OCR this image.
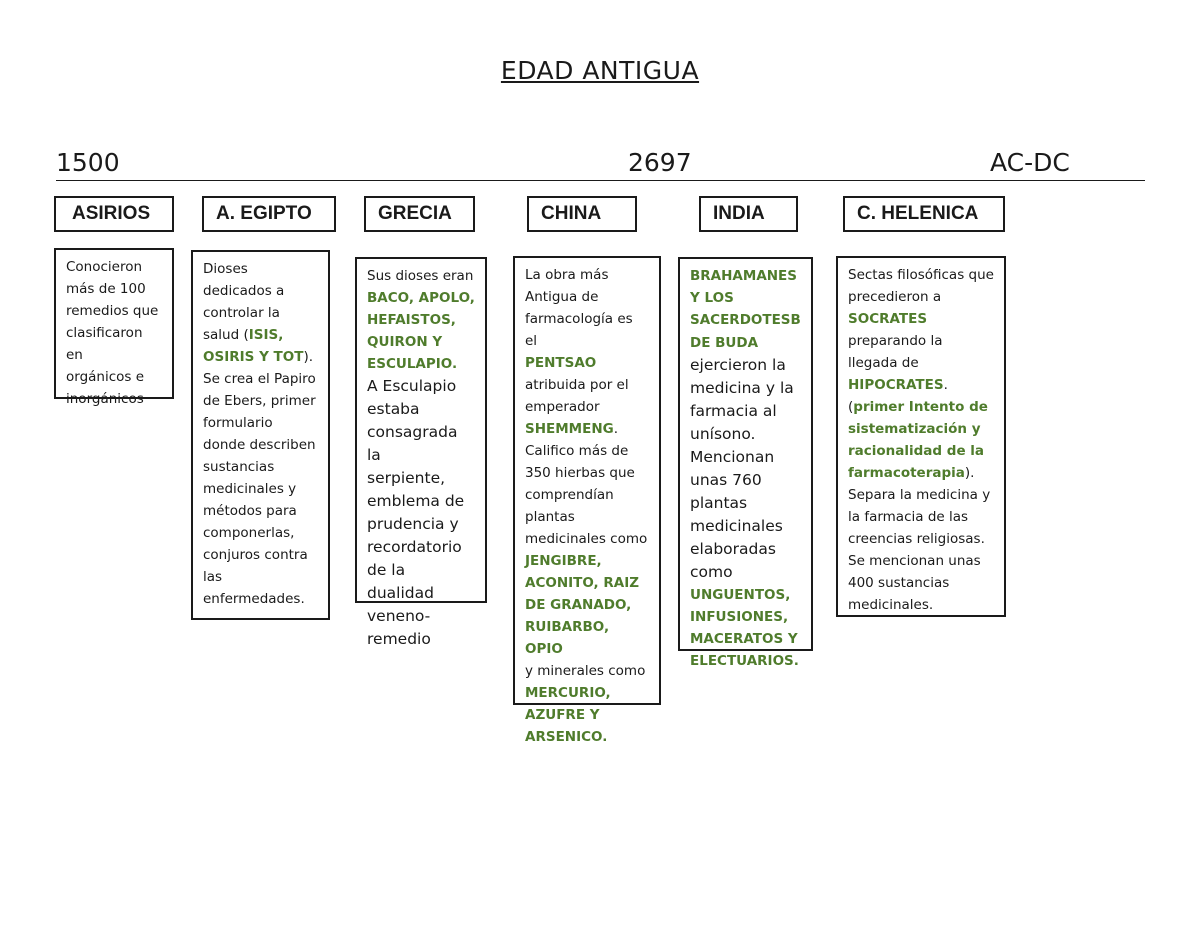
EDAD ANTIGUA
1500	2697	AC-DC
ASIRIOS	A. EGIPTO	GRECIA	CHINA	INDIA	C. HELENICA
Conocieron
más de 100
remedios que
clasificaron en
orgánicos e
inorgánicos
Dioses
dedicados a
controlar la
salud (ISIS,
OSIRIS Y TOT).
Se crea el Papiro
de Ebers, primer
formulario
donde describen
sustancias
medicinales y
métodos para
componerlas,
conjuros contra
las
enfermedades.
Sus dioses eran
BACO, APOLO,
HEFAISTOS,
QUIRON Y
ESCULAPIO.
A Esculapio
estaba
consagrada la
serpiente,
emblema de
prudencia y
recordatorio
de la dualidad
veneno-
remedio
La obra más
Antigua de
farmacología es el
PENTSAO
atribuida por el
emperador
SHEMMENG.
Califico más de
350 hierbas que
comprendían
plantas
medicinales como
JENGIBRE,
ACONITO, RAIZ
DE GRANADO,
RUIBARBO, OPIO
y minerales como
MERCURIO,
AZUFRE Y
ARSENICO.
BRAHAMANES
Y LOS
SACERDOTESB
DE BUDA
ejercieron la
medicina y la
farmacia al
unísono.
Mencionan
unas 760
plantas
medicinales
elaboradas
como
UNGUENTOS,
INFUSIONES,
MACERATOS Y
ELECTUARIOS.
Sectas filosóficas que
precedieron a
SOCRATES
preparando la
llegada de
HIPOCRATES.
(primer Intento de
sistematización y
racionalidad de la
farmacoterapia).
Separa la medicina y
la farmacia de las
creencias religiosas.
Se mencionan unas
400 sustancias
medicinales.
